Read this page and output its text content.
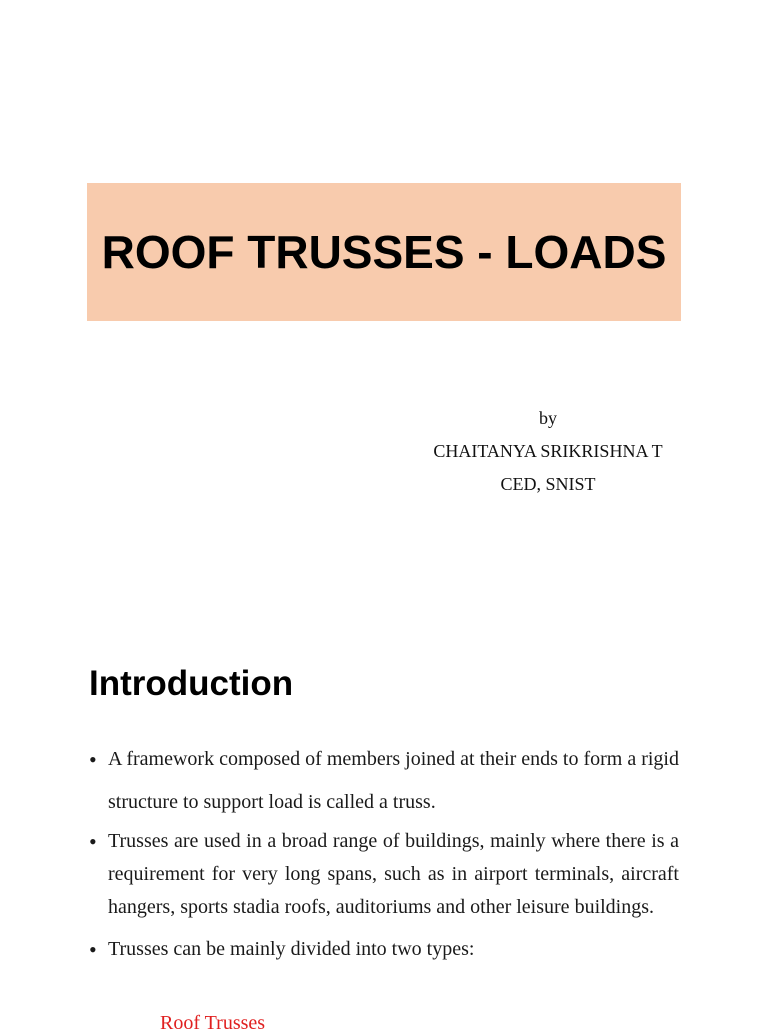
ROOF TRUSSES - LOADS
by
CHAITANYA SRIKRISHNA T
CED, SNIST
Introduction
• A framework composed of members joined at their ends to form a rigid structure to support load is called a truss.
• Trusses are used in a broad range of buildings, mainly where there is a requirement for very long spans, such as in airport terminals, aircraft hangers, sports stadia roofs, auditoriums and other leisure buildings.
• Trusses can be mainly divided into two types:
Roof Trusses
